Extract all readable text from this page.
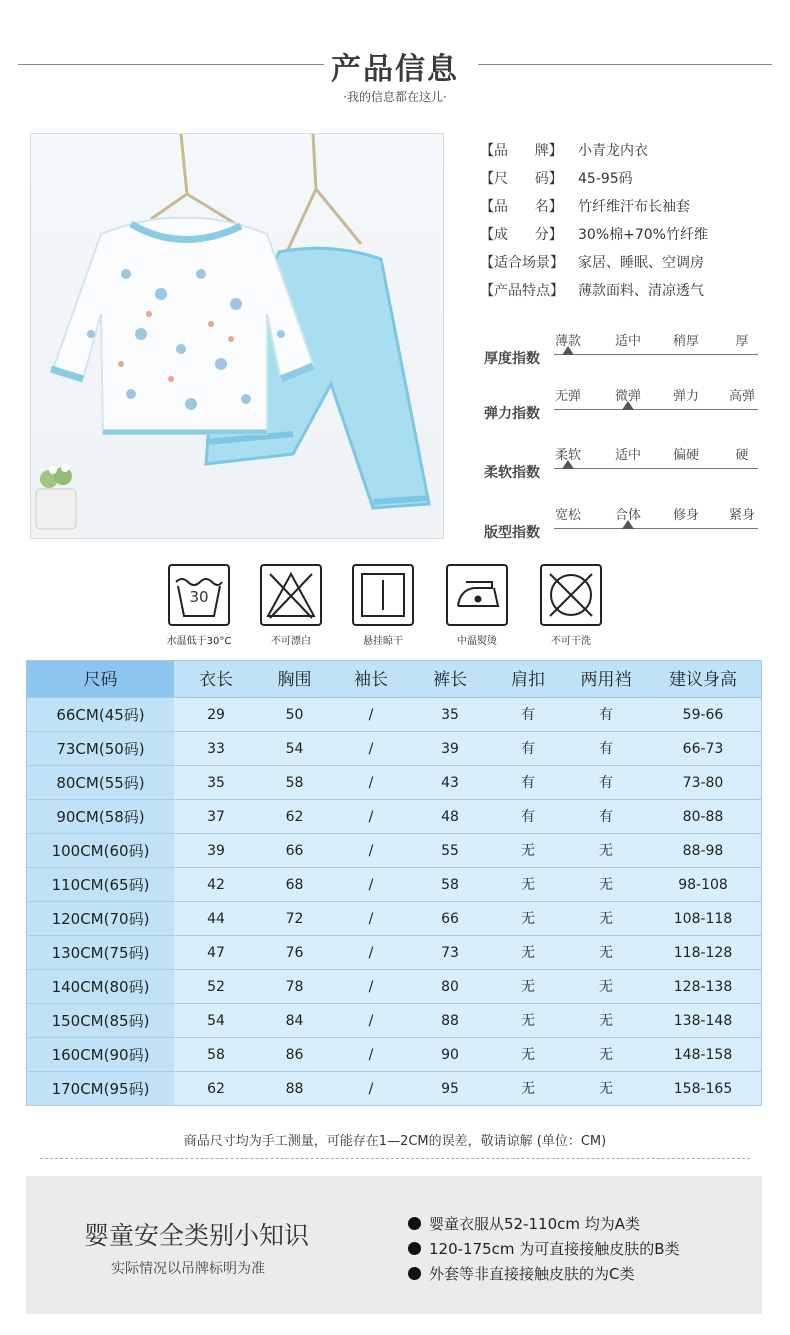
产品信息
·我的信息都在这儿·
【品      牌】	小青龙内衣
【尺      码】	45-95码
【品      名】	竹纤维汗布长袖套
【成      分】	30%棉+70%竹纤维
【适合场景】	家居、睡眠、空调房
【产品特点】	薄款面料、清凉透气
厚度指数
薄款	适中	稍厚	厚
弹力指数
无弹	微弹	弹力	高弹
柔软指数
柔软	适中	偏硬	硬
版型指数
宽松	合体	修身	紧身
30
水温低于30°C	不可漂白	悬挂晾干	中温熨烫	不可干洗
尺码	衣长	胸围	袖长	裤长	肩扣	两用裆	建议身高
66CM(45码)	29	50	/	35	有	有	59-66
73CM(50码)	33	54	/	39	有	有	66-73
80CM(55码)	35	58	/	43	有	有	73-80
90CM(58码)	37	62	/	48	有	有	80-88
100CM(60码)	39	66	/	55	无	无	88-98
110CM(65码)	42	68	/	58	无	无	98-108
120CM(70码)	44	72	/	66	无	无	108-118
130CM(75码)	47	76	/	73	无	无	118-128
140CM(80码)	52	78	/	80	无	无	128-138
150CM(85码)	54	84	/	88	无	无	138-148
160CM(90码)	58	86	/	90	无	无	148-158
170CM(95码)	62	88	/	95	无	无	158-165
商品尺寸均为手工测量，可能存在1—2CM的误差，敬请谅解 (单位：CM)
婴童安全类别小知识
实际情况以吊牌标明为准
婴童衣服从52-110cm 均为A类
120-175cm 为可直接接触皮肤的B类
外套等非直接接触皮肤的为C类
